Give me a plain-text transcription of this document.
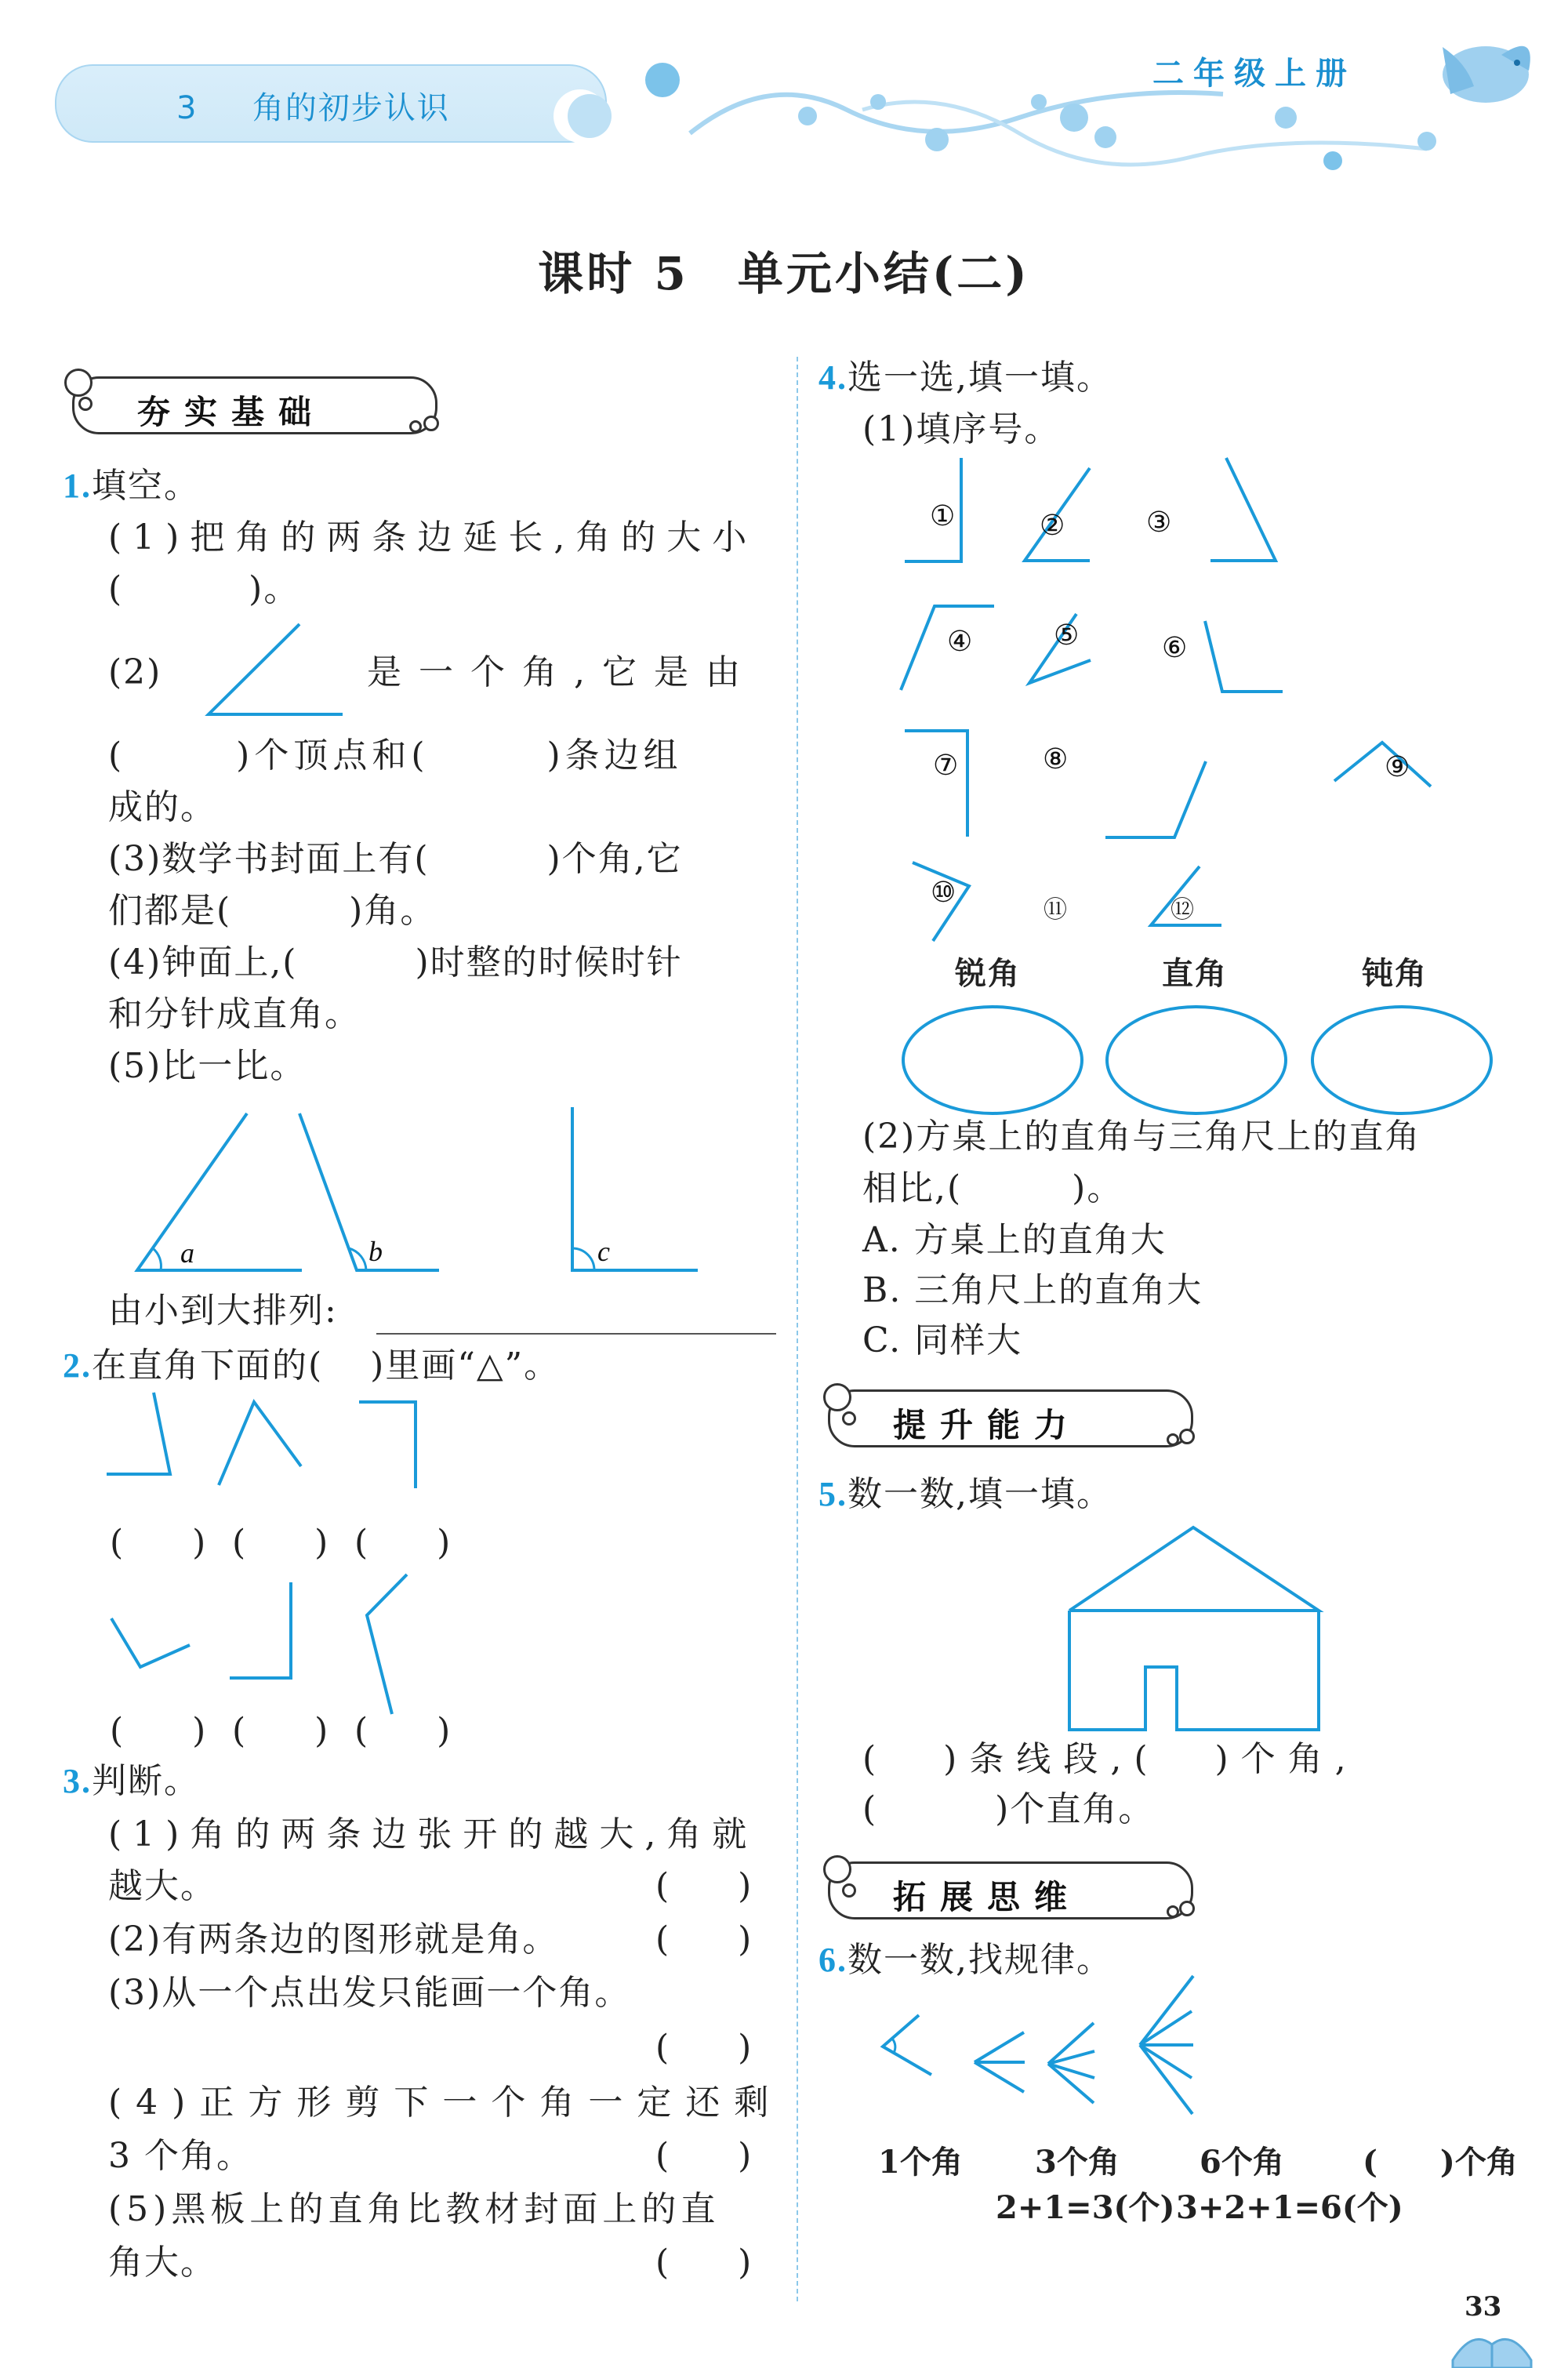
3 角的初步认识
二年级上册
课时 5　单元小结(二)
夯实基础
1.填空。
(1)把角的两条边延长,角的大小
(	)。
(2)	是一个角,它是由
(	)个顶点和(	)条边组
成的。
(3)数学书封面上有(	)个角,它
们都是(	)角。
(4)钟面上,(	)时整的时候时针
和分针成直角。
(5)比一比。
a	b	c
由小到大排列:
2.在直角下面的( )里画“△”。
(　　) (　　) (　　)
(　　) (　　) (　　)
3.判断。
(1)角的两条边张开的越大,角就
越大。	(　　)
(2)有两条边的图形就是角。	(　　)
(3)从一个点出发只能画一个角。
(　　)
(4)正方形剪下一个角一定还剩
3 个角。	(　　)
(5)黑板上的直角比教材封面上的直
角大。	(　　)
4.选一选,填一填。
(1)填序号。
①	②	③
④	⑤	⑥
⑦	⑧	⑨
⑩
⑪	⑫
锐角	直角	钝角
(2)方桌上的直角与三角尺上的直角
相比,(	)。
A. 方桌上的直角大
B. 三角尺上的直角大
C. 同样大
提升能力
5.数一数,填一填。
( )条线段,( )个角,
(	)个直角。
拓展思维
6.数一数,找规律。
1个角 3个角	6个角	(　　)个角
2+1=3(个) 3+2+1=6(个)
33
